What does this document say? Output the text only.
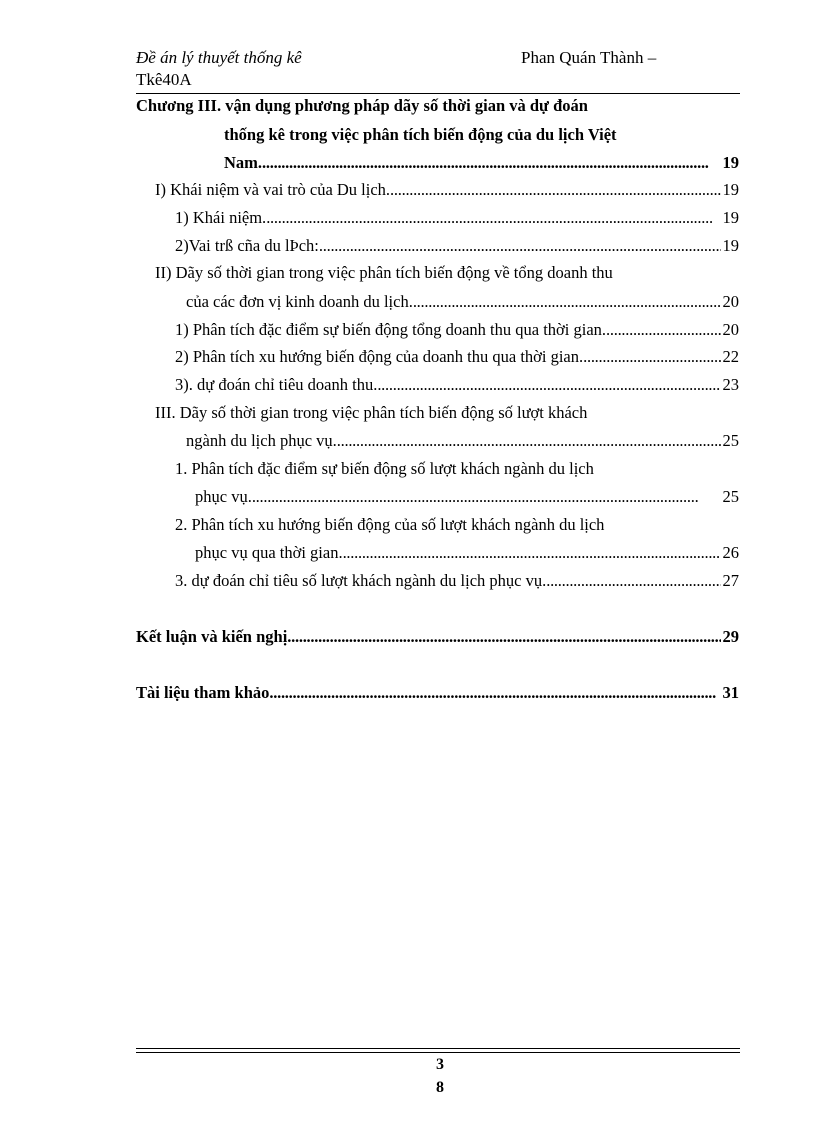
Đề án lý thuyết thống kê	Phan Quán Thành –
Tkê40A
Chương III. vận dụng phương pháp dãy số thời gian và dự đoán
thống kê trong việc phân tích biến động của du lịch Việt
Nam. . . .	19
I) Khái niệm và vai trò của Du lịch. . . .	19
1) Khái niệm. . . .	19
2)Vai trß cña du lÞch: . . .	19
II) Dãy số thời gian trong việc phân tích biến động về tổng doanh thu
của các đơn vị kinh doanh du lịch. . . .	20
1) Phân tích đặc điểm sự biến động tổng doanh thu qua thời gian. . . .	20
2) Phân tích xu hướng biến động của doanh thu qua thời gian. . . .	22
3). dự đoán chỉ tiêu doanh thu. . . .	23
III. Dãy số thời gian trong việc phân tích biến động số lượt khách
ngành du lịch phục vụ. . . .	25
1. Phân tích đặc điểm sự biến động số lượt khách ngành du lịch
phục vụ. . . .	25
2. Phân tích xu hướng biến động của số lượt khách ngành du lịch
phục vụ qua thời gian. . . .	26
3. dự đoán chỉ tiêu số lượt khách ngành du lịch phục vụ. . . .	27
Kết luận và kiến nghị . . .	29
Tài liệu tham khảo . . .	31
3
8
